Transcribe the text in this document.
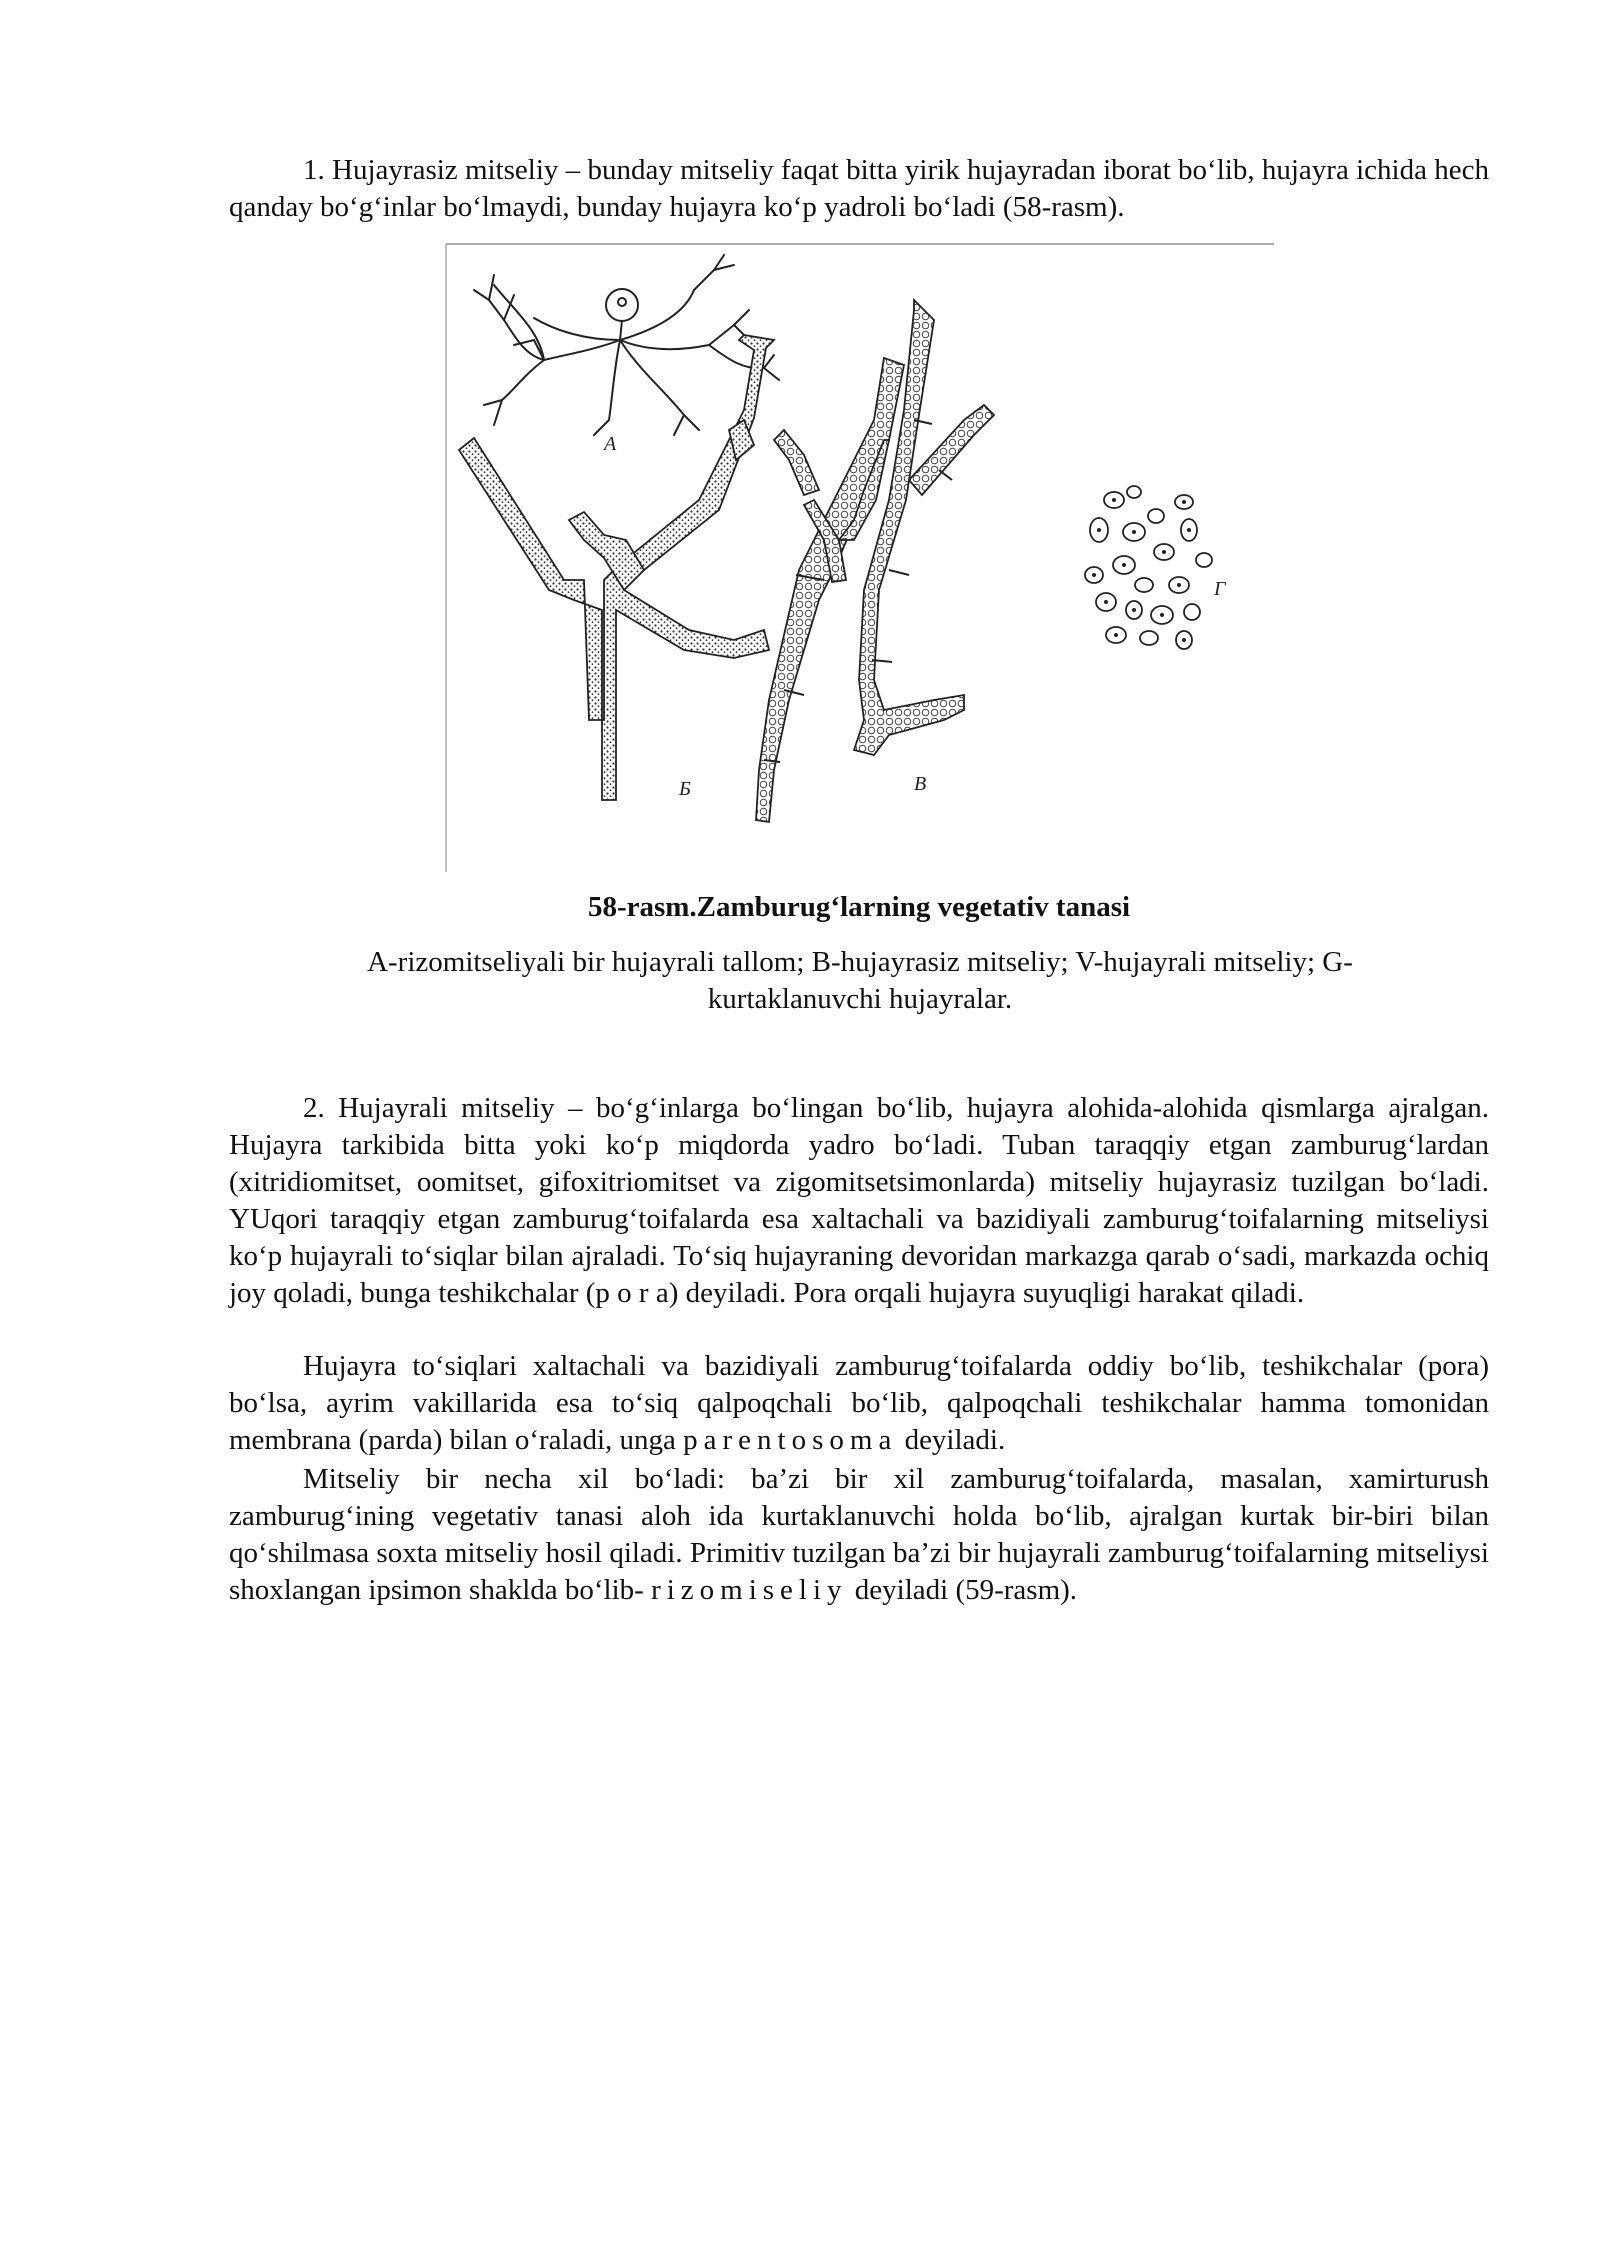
1. Hujayrasiz mitseliy – bunday mitseliy faqat bitta yirik hujayradan iborat bo‘lib, hujayra ichida hech qanday bo‘g‘inlar bo‘lmaydi, bunday hujayra ko‘p yadroli bo‘ladi (58-rasm).

А
Б	В
Г

58-rasm.Zamburug‘larning vegetativ tanasi

A-rizomitseliyali bir hujayrali tallom; B-hujayrasiz mitseliy; V-hujayrali mitseliy; G-kurtaklanuvchi hujayralar.

2. Hujayrali mitseliy – bo‘g‘inlarga bo‘lingan bo‘lib, hujayra alohida-alohida qismlarga ajralgan. Hujayra tarkibida bitta yoki ko‘p miqdorda yadro bo‘ladi. Tuban taraqqiy etgan zamburug‘lardan (xitridiomitset, oomitset, gifoxitriomitset va zigomitsetsimonlarda) mitseliy hujayrasiz tuzilgan bo‘ladi. YUqori taraqqiy etgan zamburug‘toifalarda esa xaltachali va bazidiyali zamburug‘toifalarning mitseliysi ko‘p hujayrali to‘siqlar bilan ajraladi. To‘siq hujayraning devoridan markazga qarab o‘sadi, markazda ochiq joy qoladi, bunga teshikchalar (p o r a) deyiladi. Pora orqali hujayra suyuqligi harakat qiladi.

Hujayra to‘siqlari xaltachali va bazidiyali zamburug‘toifalarda oddiy bo‘lib, teshikchalar (pora) bo‘lsa, ayrim vakillarida esa to‘siq qalpoqchali bo‘lib, qalpoqchali teshikchalar hamma tomonidan membrana (parda) bilan o‘raladi, unga parentosoma deyiladi.

Mitseliy bir necha xil bo‘ladi: ba’zi bir xil zamburug‘toifalarda, masalan, xamirturush zamburug‘ining vegetativ tanasi aloh ida kurtaklanuvchi holda bo‘lib, ajralgan kurtak bir-biri bilan qo‘shilmasa soxta mitseliy hosil qiladi. Primitiv tuzilgan ba’zi bir hujayrali zamburug‘toifalarning mitseliysi shoxlangan ipsimon shaklda bo‘lib- rizomiseliy deyiladi (59-rasm).
